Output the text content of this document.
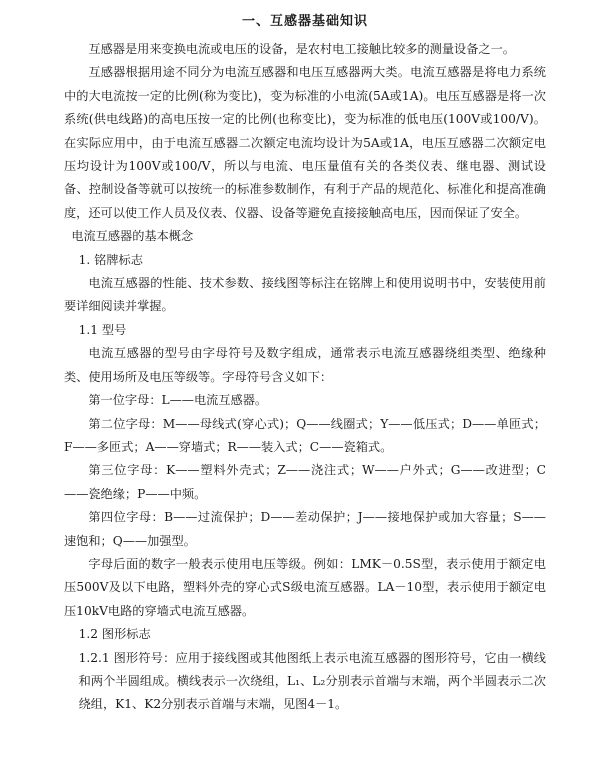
一、互感器基础知识

互感器是用来变换电流或电压的设备，是农村电工接触比较多的测量设备之一。

互感器根据用途不同分为电流互感器和电压互感器两大类。电流互感器是将电力系统中的大电流按一定的比例(称为变比)，变为标准的小电流(5A或1A)。电压互感器是将一次系统(供电线路)的高电压按一定的比例(也称变比)，变为标准的低电压(100V或100/V)。在实际应用中，由于电流互感器二次额定电流均设计为5A或1A，电压互感器二次额定电压均设计为100V或100/V，所以与电流、电压量值有关的各类仪表、继电器、测试设备、控制设备等就可以按统一的标准参数制作，有利于产品的规范化、标准化和提高准确度，还可以使工作人员及仪表、仪器、设备等避免直接接触高电压，因而保证了安全。

电流互感器的基本概念

1. 铭牌标志

电流互感器的性能、技术参数、接线图等标注在铭牌上和使用说明书中，安装使用前要详细阅读并掌握。

1.1 型号

电流互感器的型号由字母符号及数字组成，通常表示电流互感器绕组类型、绝缘种类、使用场所及电压等级等。字母符号含义如下：

第一位字母：L——电流互感器。

第二位字母：M——母线式(穿心式)；Q——线圈式；Y——低压式；D——单匝式；F——多匝式；A——穿墙式；R——装入式；C——瓷箱式。

第三位字母：K——塑料外壳式；Z——浇注式；W——户外式；G——改进型；C——瓷绝缘；P——中频。

第四位字母：B——过流保护；D——差动保护；J——接地保护或加大容量；S——速饱和；Q——加强型。

字母后面的数字一般表示使用电压等级。例如：LMK－0.5S型，表示使用于额定电压500V及以下电路，塑料外壳的穿心式S级电流互感器。LA－10型，表示使用于额定电压10kV电路的穿墙式电流互感器。

1.2 图形标志

1.2.1 图形符号：应用于接线图或其他图纸上表示电流互感器的图形符号，它由一横线和两个半圆组成。横线表示一次绕组，L₁、L₂分别表示首端与末端，两个半圆表示二次绕组，K1、K2分别表示首端与末端，见图4－1。
